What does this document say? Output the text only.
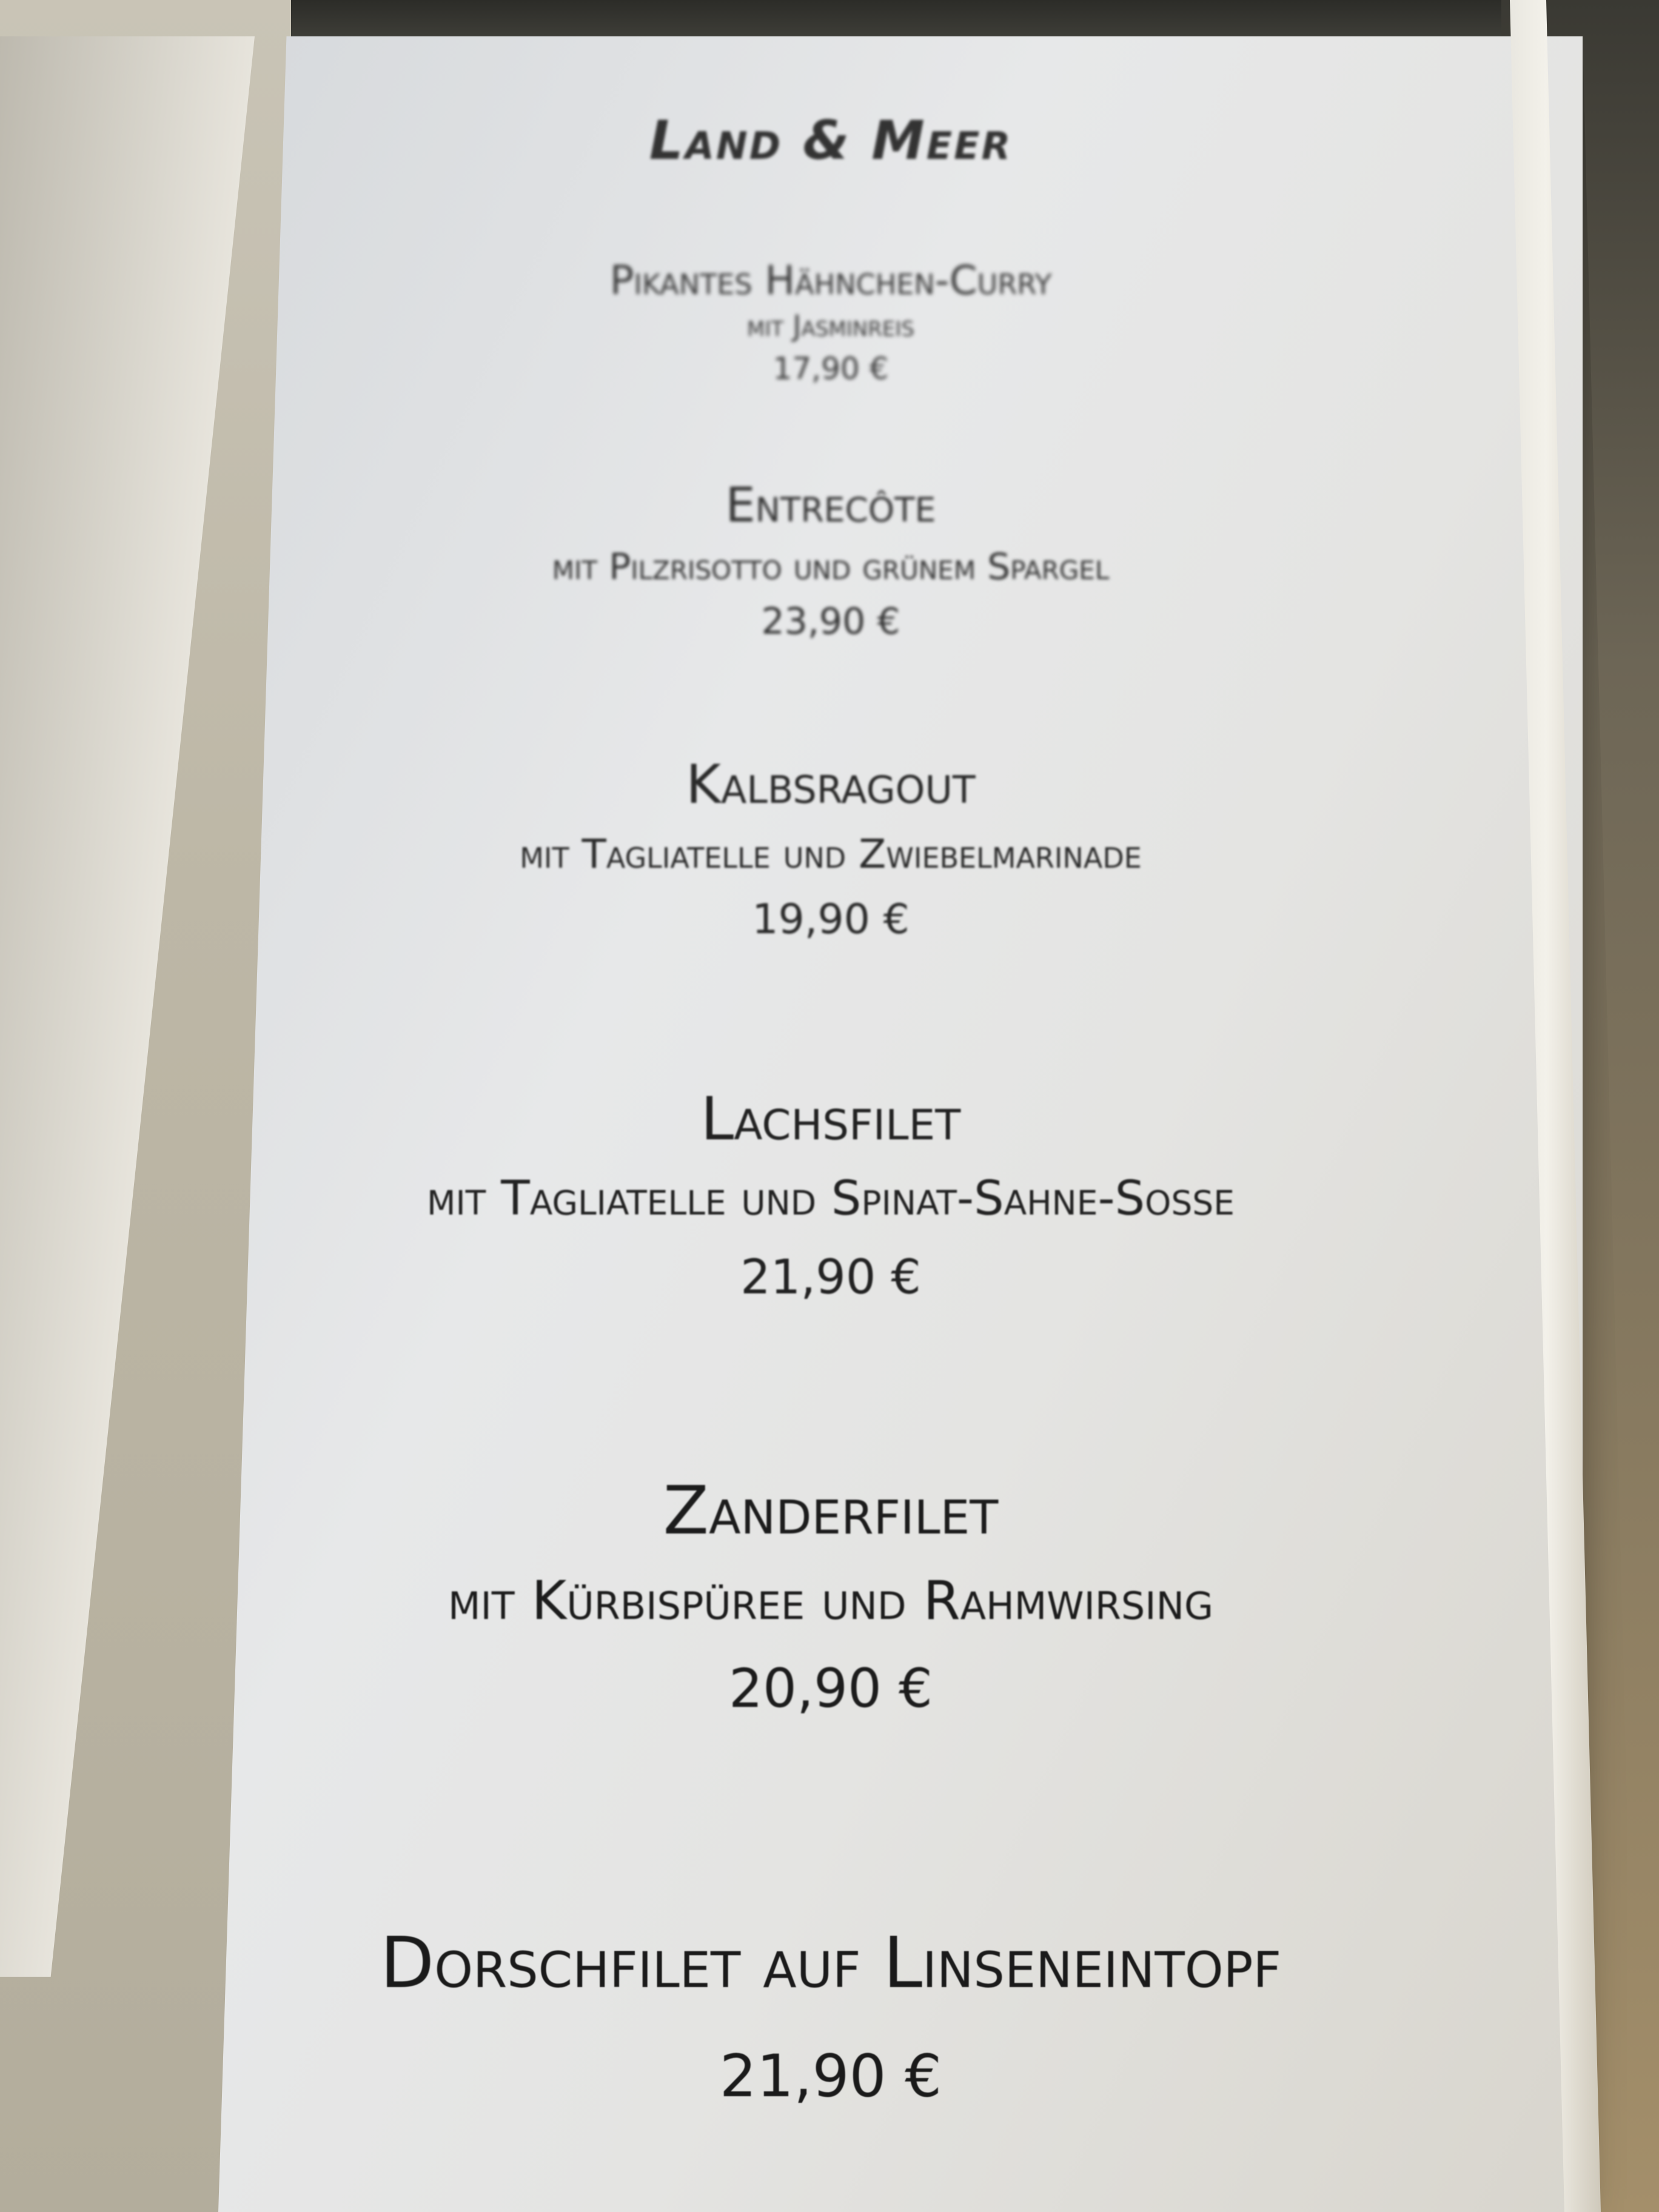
Land & Meer
Pikantes Hähnchen-Curry
mit Jasminreis
17,90 €
Entrecôte
mit Pilzrisotto und grünem Spargel
23,90 €
Kalbsragout
mit Tagliatelle und Zwiebelmarinade
19,90 €
Lachsfilet
mit Tagliatelle und Spinat-Sahne-Soße
21,90 €
Zanderfilet
mit Kürbispüree und Rahmwirsing
20,90 €
Dorschfilet auf Linseneintopf
21,90 €
